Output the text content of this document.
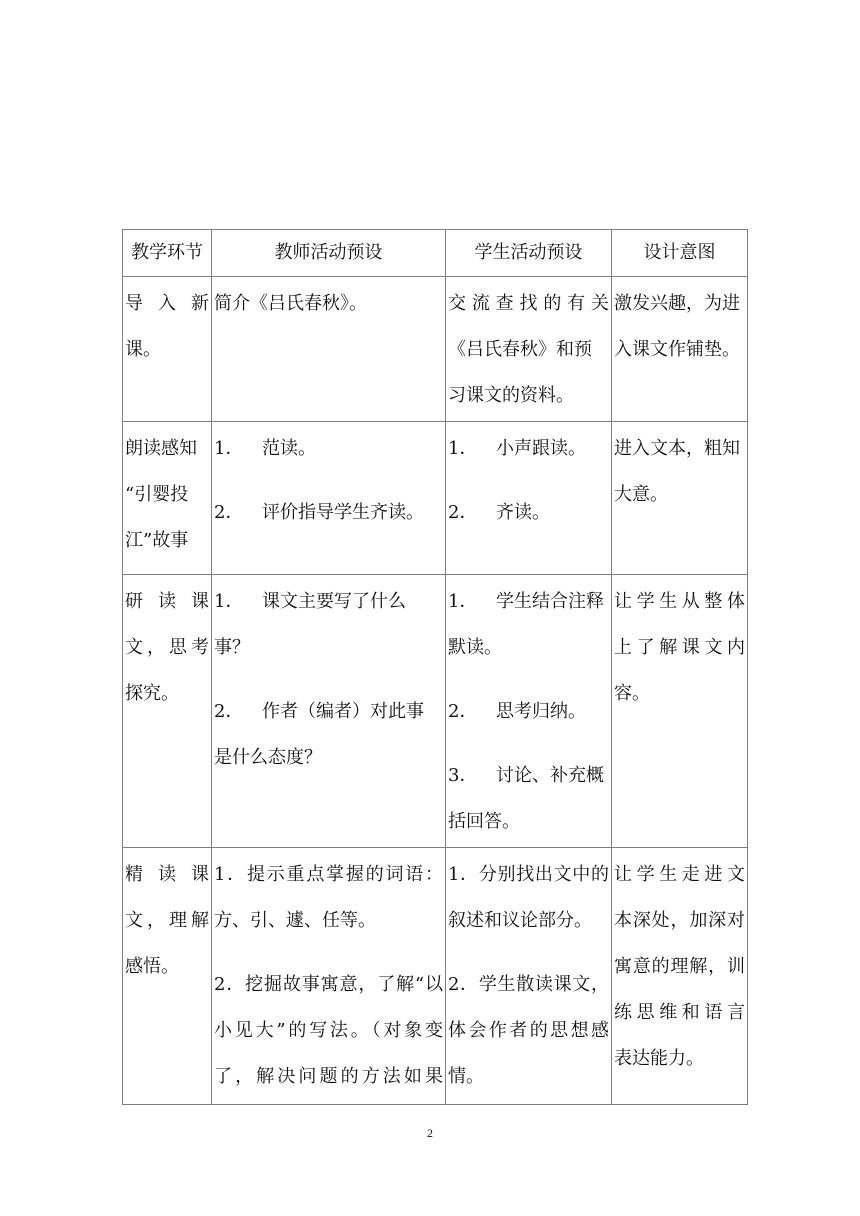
教学环节	教师活动预设	学生活动预设	设计意图

导 入 新
课。	简介《吕氏春秋》。	交流查找的有关
《吕氏春秋》和预
习课文的资料。	激发兴趣，为进
入课文作铺垫。

朗读感知
“引婴投
江”故事	1． 范读。
2． 评价指导学生齐读。	1． 小声跟读。
2． 齐读。	进入文本，粗知
大意。

研 读 课
文，思考
探究。	1． 课文主要写了什么
事？
2． 作者（编者）对此事
是什么态度？	1． 学生结合注释
默读。
2． 思考归纳。
3． 讨论、补充概
括回答。	让学生从整体
上了解课文内
容。

精 读 课
文，理解
感悟。	1．提示重点掌握的词语：
方、引、遽、任等。
2．挖掘故事寓意，了解“以
小见大”的写法。（对象变
了，解决问题的方法如果	1．分别找出文中的
叙述和议论部分。
2．学生散读课文，
体会作者的思想感
情。	让学生走进文
本深处，加深对
寓意的理解，训
练思维和语言
表达能力。
2
